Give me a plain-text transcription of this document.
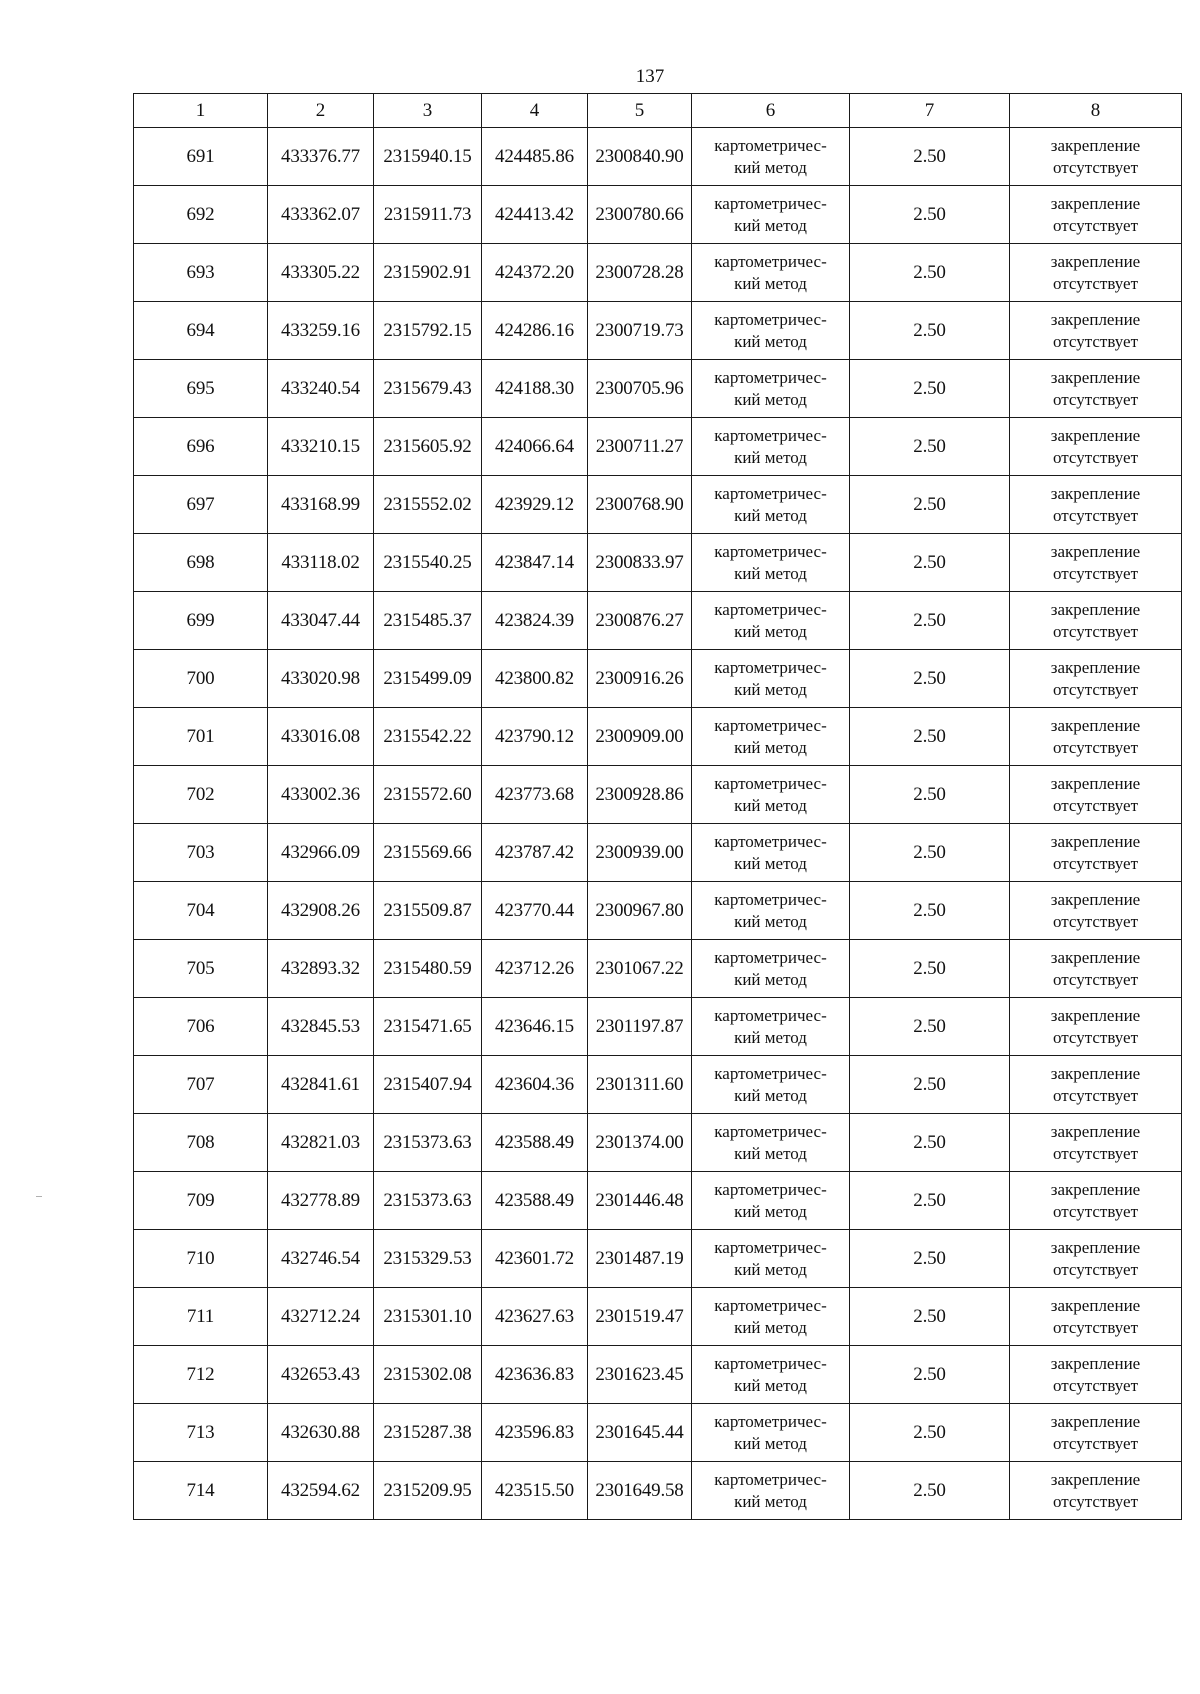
137
1	2	3	4	5	6	7	8
691	433376.77	2315940.15	424485.86	2300840.90	картометричес-
кий метод	2.50	закрепление
отсутствует

692	433362.07	2315911.73	424413.42	2300780.66	картометричес-
кий метод	2.50	закрепление
отсутствует

693	433305.22	2315902.91	424372.20	2300728.28	картометричес-
кий метод	2.50	закрепление
отсутствует

694	433259.16	2315792.15	424286.16	2300719.73	картометричес-
кий метод	2.50	закрепление
отсутствует

695	433240.54	2315679.43	424188.30	2300705.96	картометричес-
кий метод	2.50	закрепление
отсутствует

696	433210.15	2315605.92	424066.64	2300711.27	картометричес-
кий метод	2.50	закрепление
отсутствует

697	433168.99	2315552.02	423929.12	2300768.90	картометричес-
кий метод	2.50	закрепление
отсутствует

698	433118.02	2315540.25	423847.14	2300833.97	картометричес-
кий метод	2.50	закрепление
отсутствует

699	433047.44	2315485.37	423824.39	2300876.27	картометричес-
кий метод	2.50	закрепление
отсутствует

700	433020.98	2315499.09	423800.82	2300916.26	картометричес-
кий метод	2.50	закрепление
отсутствует

701	433016.08	2315542.22	423790.12	2300909.00	картометричес-
кий метод	2.50	закрепление
отсутствует

702	433002.36	2315572.60	423773.68	2300928.86	картометричес-
кий метод	2.50	закрепление
отсутствует

703	432966.09	2315569.66	423787.42	2300939.00	картометричес-
кий метод	2.50	закрепление
отсутствует

704	432908.26	2315509.87	423770.44	2300967.80	картометричес-
кий метод	2.50	закрепление
отсутствует

705	432893.32	2315480.59	423712.26	2301067.22	картометричес-
кий метод	2.50	закрепление
отсутствует

706	432845.53	2315471.65	423646.15	2301197.87	картометричес-
кий метод	2.50	закрепление
отсутствует

707	432841.61	2315407.94	423604.36	2301311.60	картометричес-
кий метод	2.50	закрепление
отсутствует

708	432821.03	2315373.63	423588.49	2301374.00	картометричес-
кий метод	2.50	закрепление
отсутствует

709	432778.89	2315373.63	423588.49	2301446.48	картометричес-
кий метод	2.50	закрепление
отсутствует

710	432746.54	2315329.53	423601.72	2301487.19	картометричес-
кий метод	2.50	закрепление
отсутствует

711	432712.24	2315301.10	423627.63	2301519.47	картометричес-
кий метод	2.50	закрепление
отсутствует

712	432653.43	2315302.08	423636.83	2301623.45	картометричес-
кий метод	2.50	закрепление
отсутствует

713	432630.88	2315287.38	423596.83	2301645.44	картометричес-
кий метод	2.50	закрепление
отсутствует

714	432594.62	2315209.95	423515.50	2301649.58	картометричес-
кий метод	2.50	закрепление
отсутствует
